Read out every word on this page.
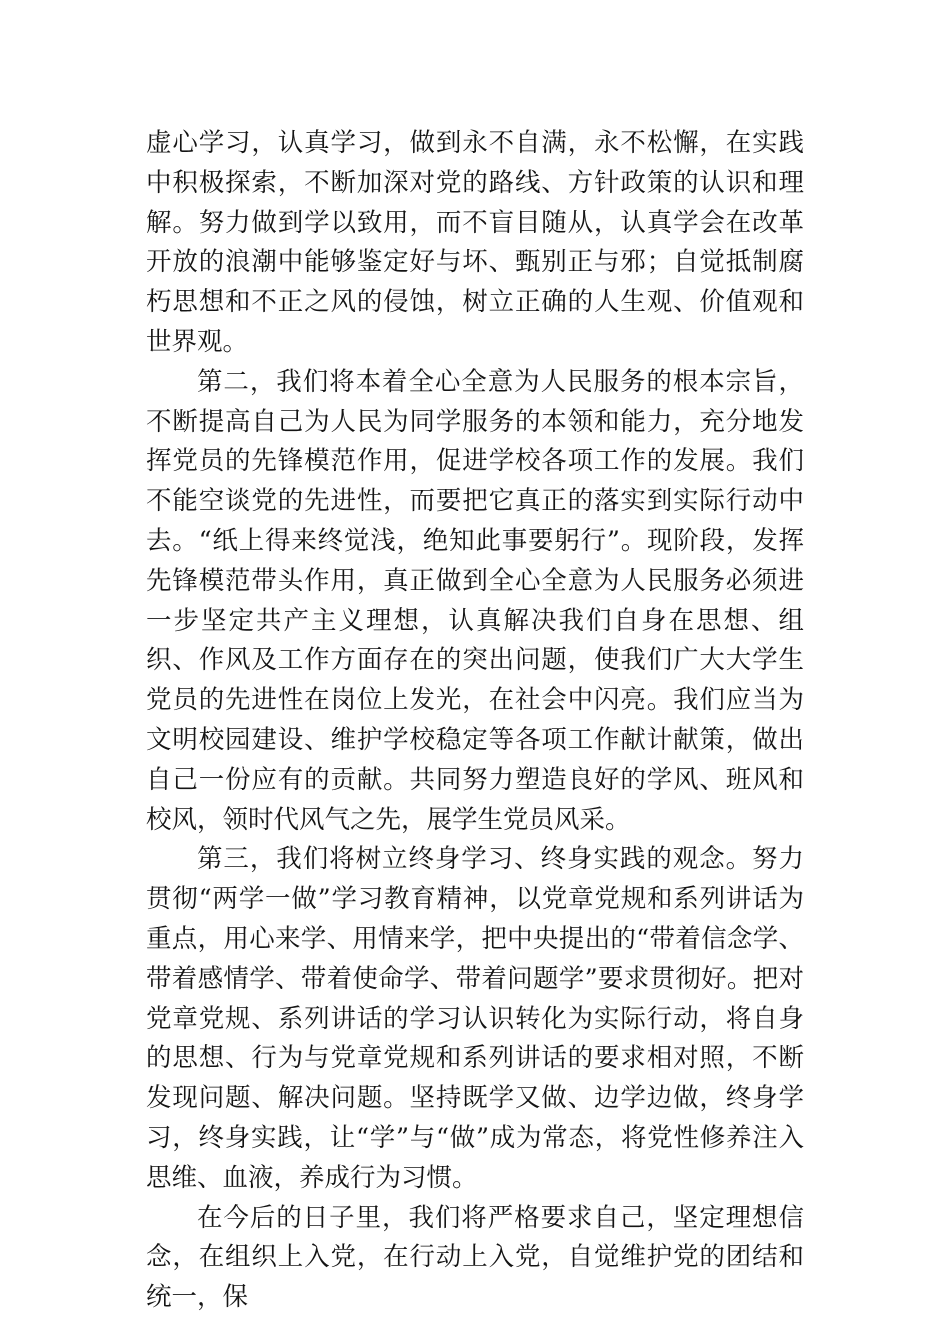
虚心学习，认真学习，做到永不自满，永不松懈，在实践中积极探索，不断加深对党的路线、方针政策的认识和理解。努力做到学以致用，而不盲目随从，认真学会在改革开放的浪潮中能够鉴定好与坏、甄别正与邪；自觉抵制腐朽思想和不正之风的侵蚀，树立正确的人生观、价值观和世界观。

第二，我们将本着全心全意为人民服务的根本宗旨，不断提高自己为人民为同学服务的本领和能力，充分地发挥党员的先锋模范作用，促进学校各项工作的发展。我们不能空谈党的先进性，而要把它真正的落实到实际行动中去。“纸上得来终觉浅，绝知此事要躬行”。现阶段，发挥先锋模范带头作用，真正做到全心全意为人民服务必须进一步坚定共产主义理想，认真解决我们自身在思想、组织、作风及工作方面存在的突出问题，使我们广大大学生党员的先进性在岗位上发光，在社会中闪亮。我们应当为文明校园建设、维护学校稳定等各项工作献计献策，做出自己一份应有的贡献。共同努力塑造良好的学风、班风和校风，领时代风气之先，展学生党员风采。

第三，我们将树立终身学习、终身实践的观念。努力贯彻“两学一做”学习教育精神，以党章党规和系列讲话为重点，用心来学、用情来学，把中央提出的“带着信念学、带着感情学、带着使命学、带着问题学”要求贯彻好。把对党章党规、系列讲话的学习认识转化为实际行动，将自身的思想、行为与党章党规和系列讲话的要求相对照，不断发现问题、解决问题。坚持既学又做、边学边做，终身学习，终身实践，让“学”与“做”成为常态，将党性修养注入思维、血液，养成行为习惯。

在今后的日子里，我们将严格要求自己，坚定理想信念，在组织上入党，在行动上入党，自觉维护党的团结和统一，保
